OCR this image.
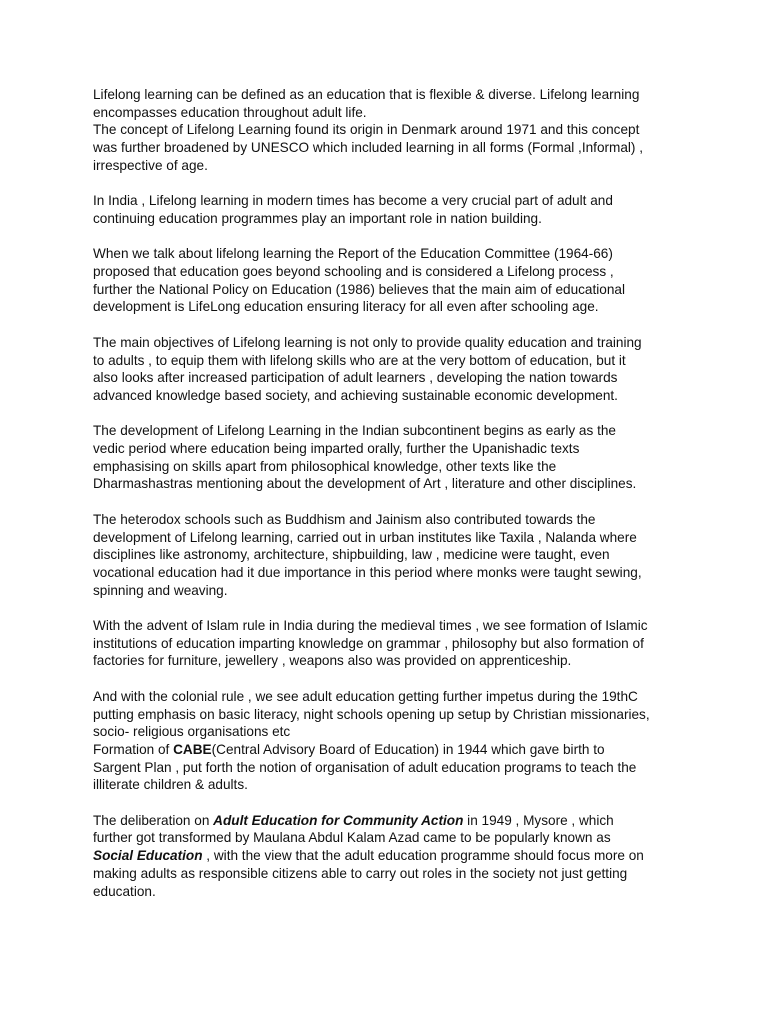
Lifelong learning can be defined as an education that is flexible & diverse. Lifelong learning
encompasses education throughout adult life.
The concept of Lifelong Learning found its origin in Denmark around 1971 and this concept
was further broadened by UNESCO which included learning in all forms (Formal ,Informal) ,
irrespective of age.

In India , Lifelong learning in modern times has become a very crucial part of adult and
continuing education programmes play an important role in nation building.

When we talk about lifelong learning the Report of the Education Committee (1964-66)
proposed that education goes beyond schooling and is considered a Lifelong process ,
further the National Policy on Education (1986) believes that the main aim of educational
development is LifeLong education ensuring literacy for all even after schooling age.

The main objectives of Lifelong learning is not only to provide quality education and training
to adults , to equip them with lifelong skills who are at the very bottom of education, but it
also looks after increased participation of adult learners , developing the nation towards
advanced knowledge based society, and achieving sustainable economic development.

The development of Lifelong Learning in the Indian subcontinent begins as early as the
vedic period where education being imparted orally, further the Upanishadic texts
emphasising on skills apart from philosophical knowledge, other texts like the
Dharmashastras mentioning about the development of Art , literature and other disciplines.

The heterodox schools such as Buddhism and Jainism also contributed towards the
development of Lifelong learning, carried out in urban institutes like Taxila , Nalanda where
disciplines like astronomy, architecture, shipbuilding, law , medicine were taught, even
vocational education had it due importance in this period where monks were taught sewing,
spinning and weaving.

With the advent of Islam rule in India during the medieval times , we see formation of Islamic
institutions of education imparting knowledge on grammar , philosophy but also formation of
factories for furniture, jewellery , weapons also was provided on apprenticeship.

And with the colonial rule , we see adult education getting further impetus during the 19thC
putting emphasis on basic literacy, night schools opening up setup by Christian missionaries,
socio- religious organisations etc
Formation of CABE(Central Advisory Board of Education) in 1944 which gave birth to
Sargent Plan , put forth the notion of organisation of adult education programs to teach the
illiterate children & adults.

The deliberation on Adult Education for Community Action in 1949 , Mysore , which
further got transformed by Maulana Abdul Kalam Azad came to be popularly known as
Social Education , with the view that the adult education programme should focus more on
making adults as responsible citizens able to carry out roles in the society not just getting
education.
